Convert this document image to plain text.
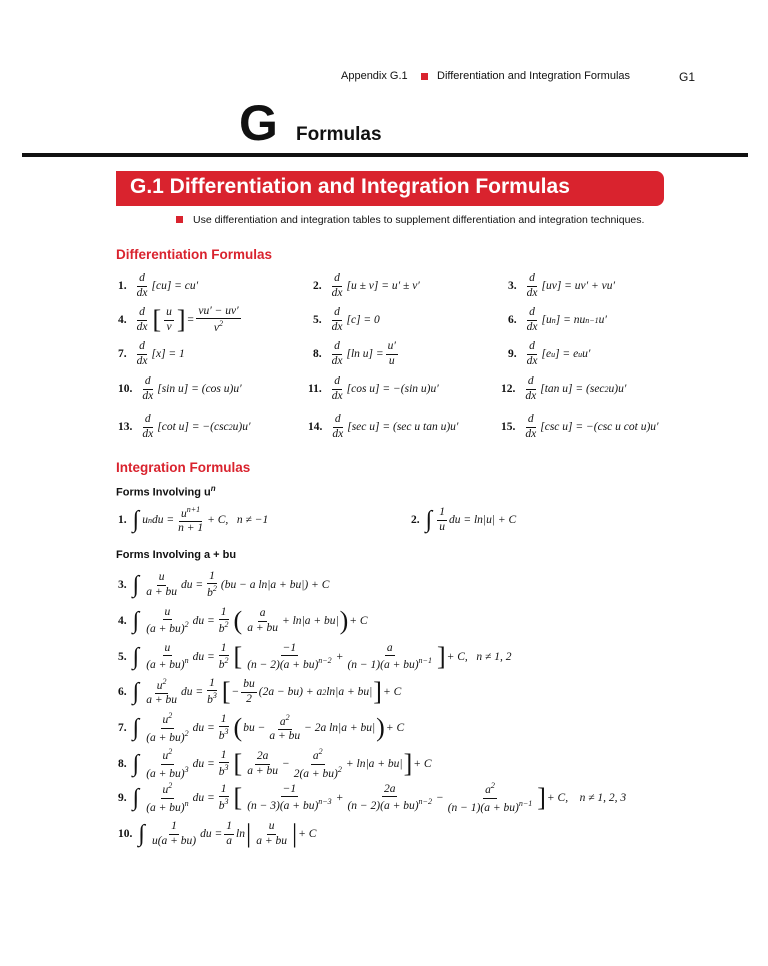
Appendix G.1	Differentiation and Integration Formulas	G1
G Formulas
G.1 Differentiation and Integration Formulas
Use differentiation and integration tables to supplement differentiation and integration techniques.
Differentiation Formulas
1. $\frac{d}{dx} [cu] = cu'$	2. $\frac{d}{dx} [u \pm v] = u' \pm v'$	3. $\frac{d}{dx} [uv] = uv' + vu'$
4. $\frac{d}{dx}$ [ $\frac{u}{v}$ ] = $\frac{vu' - uv'}{v^2}$	5. $\frac{d}{dx} [c] = 0$	6. $\frac{d}{dx} [u$ n ] = nu n−1 u′
7. $\frac{d}{dx} [x] = 1$	8. $\frac{d}{dx} [\ln$ $u] = \frac{u'}{u}$	9. $\frac{d}{dx} [e$ u ] = e u u′
10. $\frac{d}{dx} [\sin$ u] = (cos u)u′	11. $\frac{d}{dx} [\cos$ u] = −(sin u)u′	12. $\frac{d}{dx} [\tan$ u] = (sec 2 u)u′
13. $\frac{d}{dx} [\cot$ u] = −(csc 2 u)u′	14. $\frac{d}{dx} [\sec$ u] = (sec u tan u)u′	15. $\frac{d}{dx} [\csc$ u] = −(csc u cot u)u′
Integration Formulas
Forms Involving $u^n$
1. ∫ u n du = $\frac{u^{n+1}}{n + 1} + C$,   n ≠ −1	2. ∫ $\frac{1}{u}$ du = ln|u| + C
Forms Involving a + bu
3. ∫ $\frac{u}{a + bu}$ du = $\frac{1}{b^2} (bu - a$ ln|a + bu|) + C
4. ∫ $\frac{u}{(a + bu)^2}$ du = $\frac{1}{b^2}$ ( $\frac{a}{a + bu} + \ln|a + bu|$ ) + C
5. ∫ $\frac{u}{(a + bu)^n}$ du = $\frac{1}{b^2}$ [ $\frac{-1}{(n - 2)(a + bu)^{n-2}} + \frac{a}{(n - 1)(a + bu)^{n-1}}$ ] + C,   n ≠ 1, 2
6. ∫ $\frac{u^2}{a + bu}$ du = $\frac{1}{b^3}$ [ − $\frac{bu}{2} (2a - bu) + a$ 2 ln|a + bu| ] + C
7. ∫ $\frac{u^2}{(a + bu)^2}$ du = $\frac{1}{b^3}$ ( bu − $\frac{a^2}{a + bu} - 2a$ ln|a + bu| ) + C
8. ∫ $\frac{u^2}{(a + bu)^3}$ du = $\frac{1}{b^3}$ [ $\frac{2a}{a + bu} - \frac{a^2}{2(a + bu)^2} + \ln|a + bu|$ ] + C
9. ∫ $\frac{u^2}{(a + bu)^n}$ du = $\frac{1}{b^3}$ [ $\frac{-1}{(n - 3)(a + bu)^{n-3}} + \frac{2a}{(n - 2)(a + bu)^{n-2}} - \frac{a^2}{(n - 1)(a + bu)^{n-1}}$ ] + C,    n ≠ 1, 2, 3
10. ∫ $\frac{1}{u(a + bu)}$ du = $\frac{1}{a}$ ln | $\frac{u}{a + bu}$ | + C
